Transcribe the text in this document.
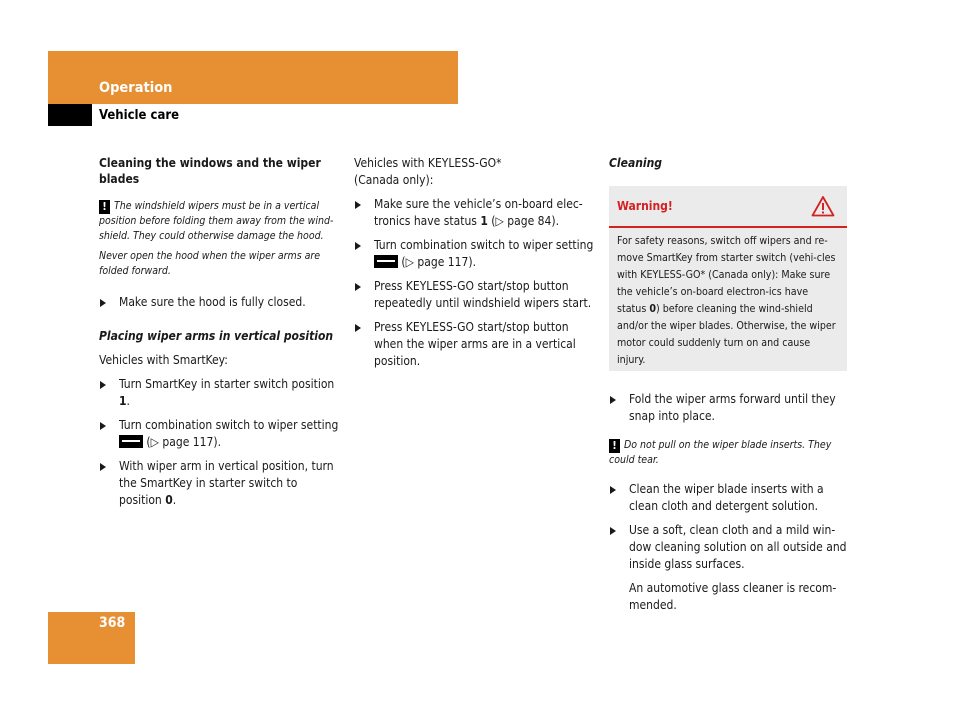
Operation
Vehicle care

Cleaning the windows and the wiper blades

! The windshield wipers must be in a vertical position before folding them away from the wind-shield. They could otherwise damage the hood.

Never open the hood when the wiper arms are folded forward.

Make sure the hood is fully closed.

Placing wiper arms in vertical position

Vehicles with SmartKey:

Turn SmartKey in starter switch position 1.

Turn combination switch to wiper setting  (▷ page 117).

With wiper arm in vertical position, turn the SmartKey in starter switch to position 0.

Vehicles with KEYLESS-GO* (Canada only):

Make sure the vehicle’s on-board elec-tronics have status 1 (▷ page 84).

Turn combination switch to wiper setting  (▷ page 117).

Press KEYLESS-GO start/stop button repeatedly until windshield wipers start.

Press KEYLESS-GO start/stop button when the wiper arms are in a vertical position.

Cleaning

Warning!

For safety reasons, switch off wipers and re-move SmartKey from starter switch (vehi-cles with KEYLESS-GO* (Canada only): Make sure the vehicle’s on-board electron-ics have status 0) before cleaning the wind-shield and/or the wiper blades. Otherwise, the wiper motor could suddenly turn on and cause injury.

Fold the wiper arms forward until they snap into place.

! Do not pull on the wiper blade inserts. They could tear.

Clean the wiper blade inserts with a clean cloth and detergent solution.

Use a soft, clean cloth and a mild win-dow cleaning solution on all outside and inside glass surfaces.

An automotive glass cleaner is recom-mended.

368
